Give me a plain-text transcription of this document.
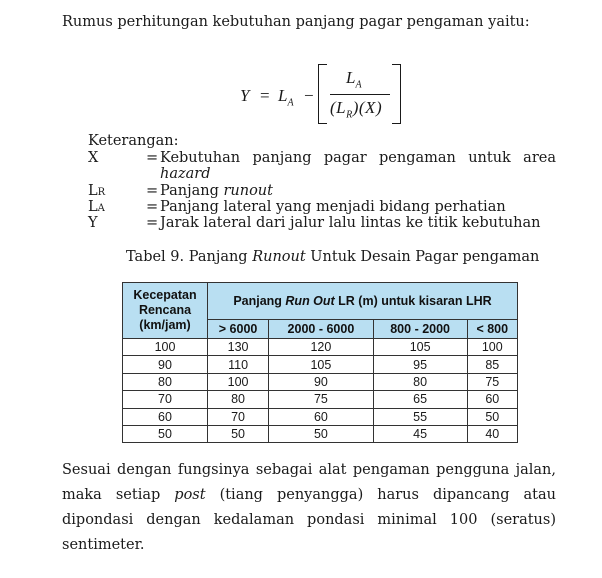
Rumus perhitungan kebutuhan panjang pagar pengaman yaitu:
$Y = L_A$ −
$L_A$
$(L_R)(X)$
Keterangan:
X	= Kebutuhan panjang pagar pengaman untuk area
hazard
LR	= Panjang runout
LA	= Panjang lateral yang menjadi bidang perhatian
Y	= Jarak lateral dari jalur lalu lintas ke titik kebutuhan
Tabel 9. Panjang Runout Untuk Desain Pagar pengaman
Kecepatan Rencana (km/jam)	Panjang Run Out LR (m) untuk kisaran LHR			
	> 6000	2000 - 6000	800 - 2000	< 800
100	130	120	105	100
90	110	105	95	85
80	100	90	80	75
70	80	75	65	60
60	70	60	55	50
50	50	50	45	40
Sesuai dengan fungsinya sebagai alat pengaman pengguna jalan, maka setiap post (tiang penyangga) harus dipancang atau dipondasi dengan kedalaman pondasi minimal 100 (seratus) sentimeter.
